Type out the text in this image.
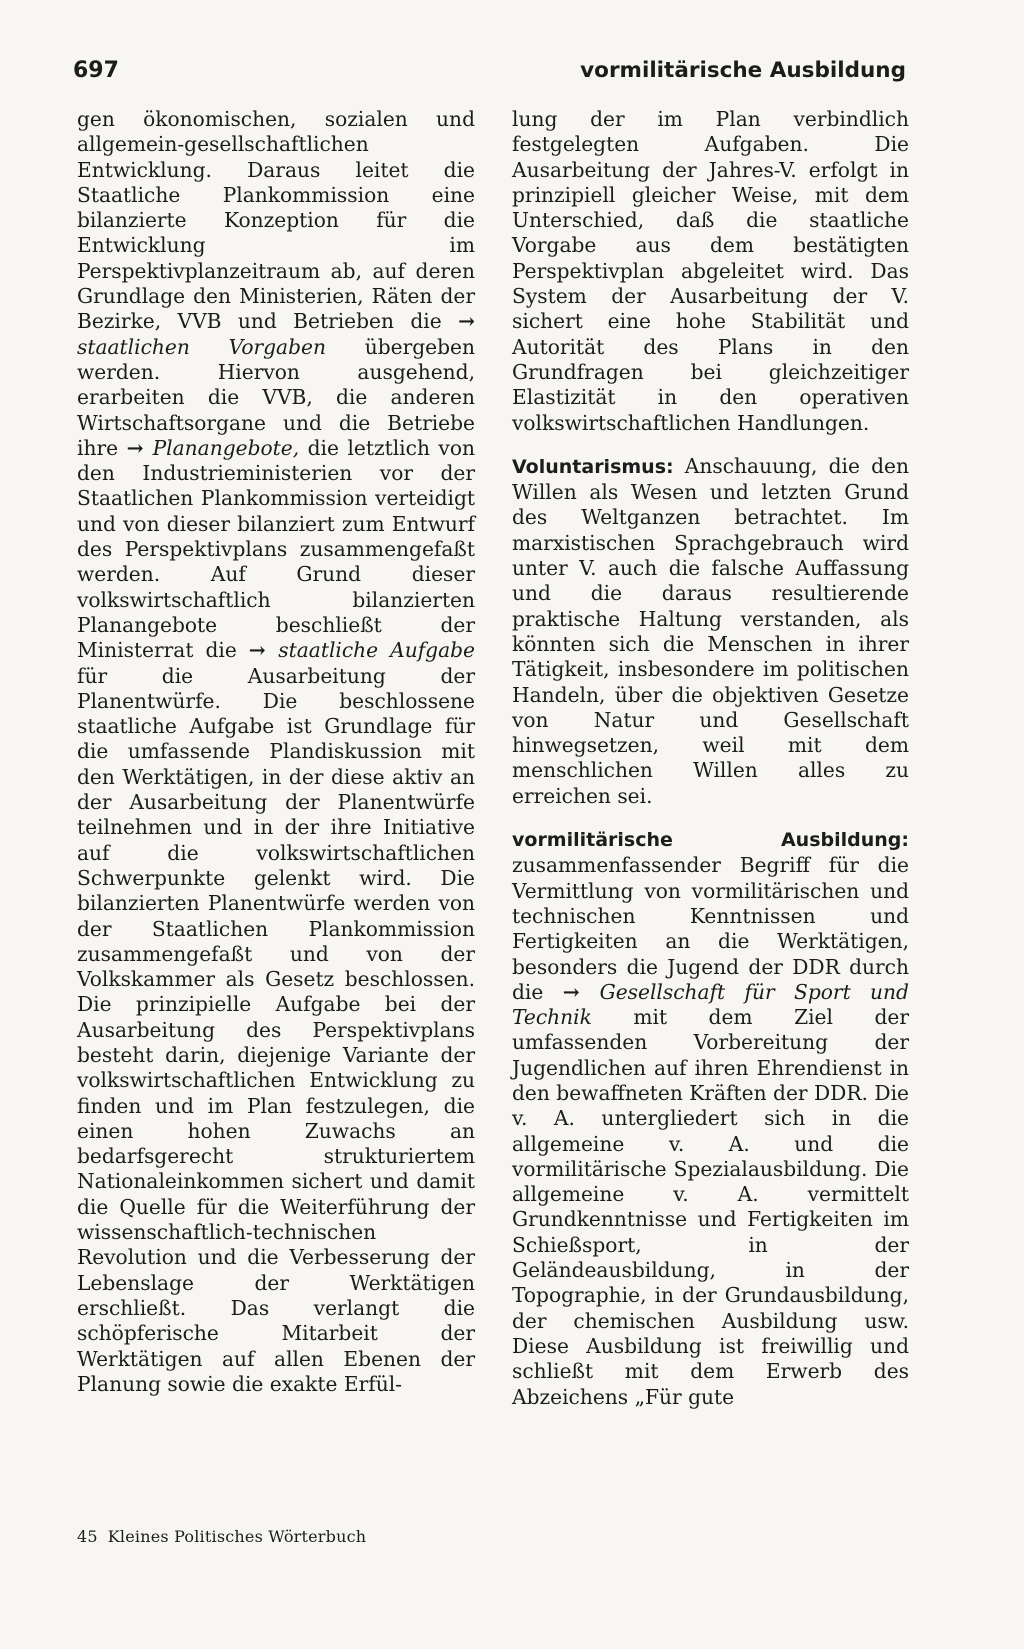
697	vormilitärische Ausbildung

gen ökonomischen, sozialen und allgemein-gesellschaftlichen Entwicklung. Daraus leitet die Staatliche Plankommission eine bilanzierte Konzeption für die Entwicklung im Perspektivplanzeitraum ab, auf deren Grundlage den Ministerien, Räten der Bezirke, VVB und Betrieben die → staatlichen Vorgaben übergeben werden. Hiervon ausgehend, erarbeiten die VVB, die anderen Wirtschaftsorgane und die Betriebe ihre → Planangebote, die letztlich von den Industrieministerien vor der Staatlichen Plankommission verteidigt und von dieser bilanziert zum Entwurf des Perspektivplans zusammengefaßt werden. Auf Grund dieser volkswirtschaftlich bilanzierten Planangebote beschließt der Ministerrat die → staatliche Aufgabe für die Ausarbeitung der Planentwürfe. Die beschlossene staatliche Aufgabe ist Grundlage für die umfassende Plandiskussion mit den Werktätigen, in der diese aktiv an der Ausarbeitung der Planentwürfe teilnehmen und in der ihre Initiative auf die volkswirtschaftlichen Schwerpunkte gelenkt wird. Die bilanzierten Planentwürfe werden von der Staatlichen Plankommission zusammengefaßt und von der Volkskammer als Gesetz beschlossen. Die prinzipielle Aufgabe bei der Ausarbeitung des Perspektivplans besteht darin, diejenige Variante der volkswirtschaftlichen Entwicklung zu finden und im Plan festzulegen, die einen hohen Zuwachs an bedarfsgerecht strukturiertem Nationaleinkommen sichert und damit die Quelle für die Weiterführung der wissenschaftlich-technischen Revolution und die Verbesserung der Lebenslage der Werktätigen erschließt. Das verlangt die schöpferische Mitarbeit der Werktätigen auf allen Ebenen der Planung sowie die exakte Erfül-

lung der im Plan verbindlich festgelegten Aufgaben. Die Ausarbeitung der Jahres-V. erfolgt in prinzipiell gleicher Weise, mit dem Unterschied, daß die staatliche Vorgabe aus dem bestätigten Perspektivplan abgeleitet wird. Das System der Ausarbeitung der V. sichert eine hohe Stabilität und Autorität des Plans in den Grundfragen bei gleichzeitiger Elastizität in den operativen volkswirtschaftlichen Handlungen.

Voluntarismus: Anschauung, die den Willen als Wesen und letzten Grund des Weltganzen betrachtet. Im marxistischen Sprachgebrauch wird unter V. auch die falsche Auffassung und die daraus resultierende praktische Haltung verstanden, als könnten sich die Menschen in ihrer Tätigkeit, insbesondere im politischen Handeln, über die objektiven Gesetze von Natur und Gesellschaft hinwegsetzen, weil mit dem menschlichen Willen alles zu erreichen sei.

vormilitärische Ausbildung: zusammenfassender Begriff für die Vermittlung von vormilitärischen und technischen Kenntnissen und Fertigkeiten an die Werktätigen, besonders die Jugend der DDR durch die → Gesellschaft für Sport und Technik mit dem Ziel der umfassenden Vorbereitung der Jugendlichen auf ihren Ehrendienst in den bewaffneten Kräften der DDR. Die v. A. untergliedert sich in die allgemeine v. A. und die vormilitärische Spezialausbildung. Die allgemeine v. A. vermittelt Grundkenntnisse und Fertigkeiten im Schießsport, in der Geländeausbildung, in der Topographie, in der Grundausbildung, der chemischen Ausbildung usw. Diese Ausbildung ist freiwillig und schließt mit dem Erwerb des Abzeichens „Für gute

45 Kleines Politisches Wörterbuch
